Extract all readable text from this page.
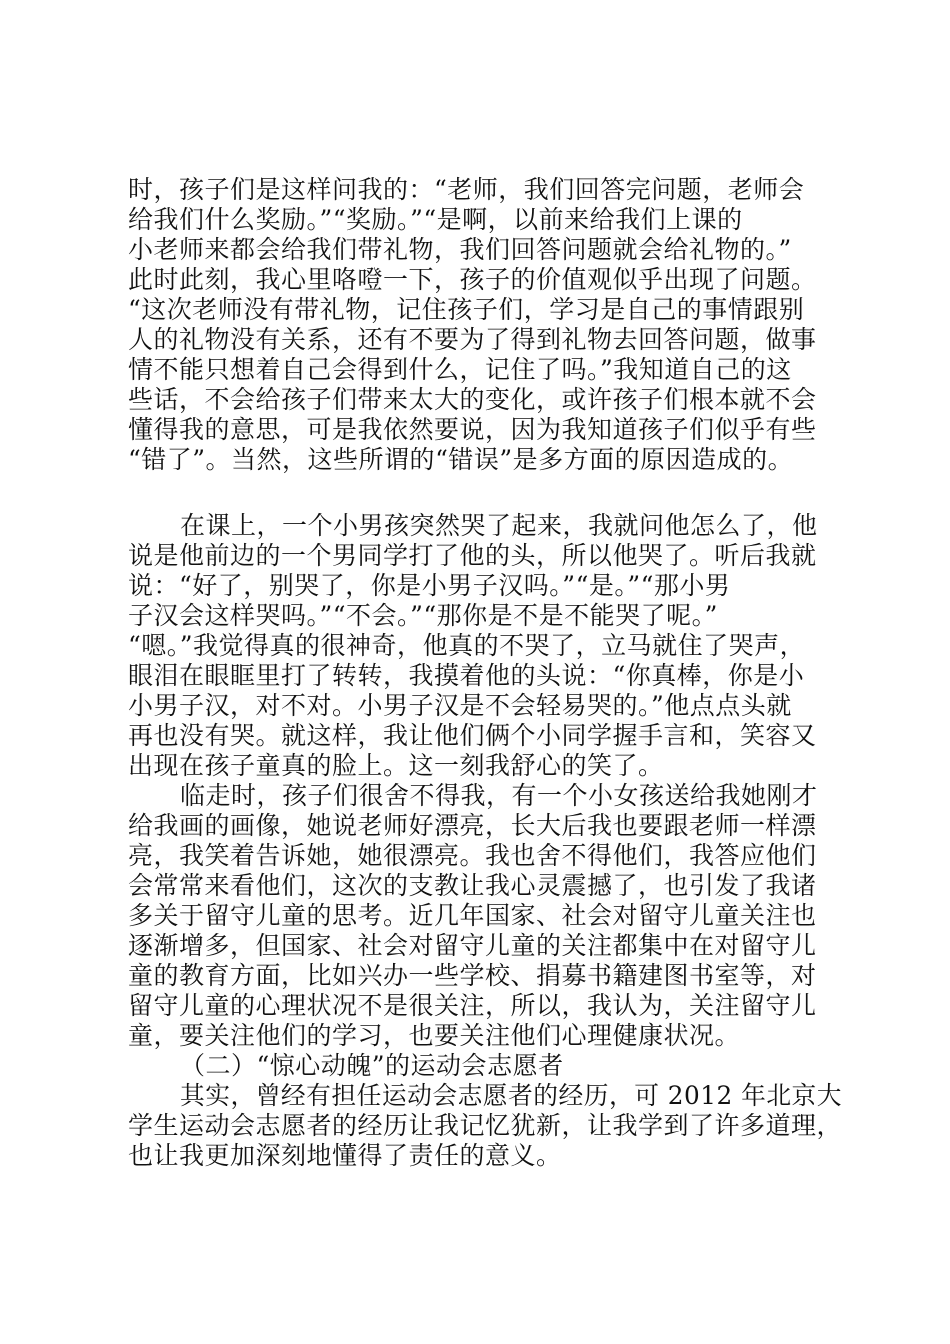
时，孩子们是这样问我的：“老师，我们回答完问题，老师会
给我们什么奖励。”“奖励。”“是啊，以前来给我们上课的
小老师来都会给我们带礼物，我们回答问题就会给礼物的。”
此时此刻，我心里咯噔一下，孩子的价值观似乎出现了问题。
“这次老师没有带礼物，记住孩子们，学习是自己的事情跟别
人的礼物没有关系，还有不要为了得到礼物去回答问题，做事
情不能只想着自己会得到什么，记住了吗。”我知道自己的这
些话，不会给孩子们带来太大的变化，或许孩子们根本就不会
懂得我的意思，可是我依然要说，因为我知道孩子们似乎有些
“错了”。当然，这些所谓的“错误”是多方面的原因造成的。
在课上，一个小男孩突然哭了起来，我就问他怎么了，他
说是他前边的一个男同学打了他的头，所以他哭了。听后我就
说：“好了，别哭了，你是小男子汉吗。”“是。”“那小男
子汉会这样哭吗。”“不会。”“那你是不是不能哭了呢。”
“嗯。”我觉得真的很神奇，他真的不哭了，立马就住了哭声，
眼泪在眼眶里打了转转，我摸着他的头说：“你真棒，你是小
小男子汉，对不对。小男子汉是不会轻易哭的。”他点点头就
再也没有哭。就这样，我让他们俩个小同学握手言和，笑容又
出现在孩子童真的脸上。这一刻我舒心的笑了。
临走时，孩子们很舍不得我，有一个小女孩送给我她刚才
给我画的画像，她说老师好漂亮，长大后我也要跟老师一样漂
亮，我笑着告诉她，她很漂亮。我也舍不得他们，我答应他们
会常常来看他们，这次的支教让我心灵震撼了，也引发了我诸
多关于留守儿童的思考。近几年国家、社会对留守儿童关注也
逐渐增多，但国家、社会对留守儿童的关注都集中在对留守儿
童的教育方面，比如兴办一些学校、捐募书籍建图书室等，对
留守儿童的心理状况不是很关注，所以，我认为，关注留守儿
童，要关注他们的学习，也要关注他们心理健康状况。
（二）“惊心动魄”的运动会志愿者
其实，曾经有担任运动会志愿者的经历，可 2012 年北京大
学生运动会志愿者的经历让我记忆犹新，让我学到了许多道理，
也让我更加深刻地懂得了责任的意义。
